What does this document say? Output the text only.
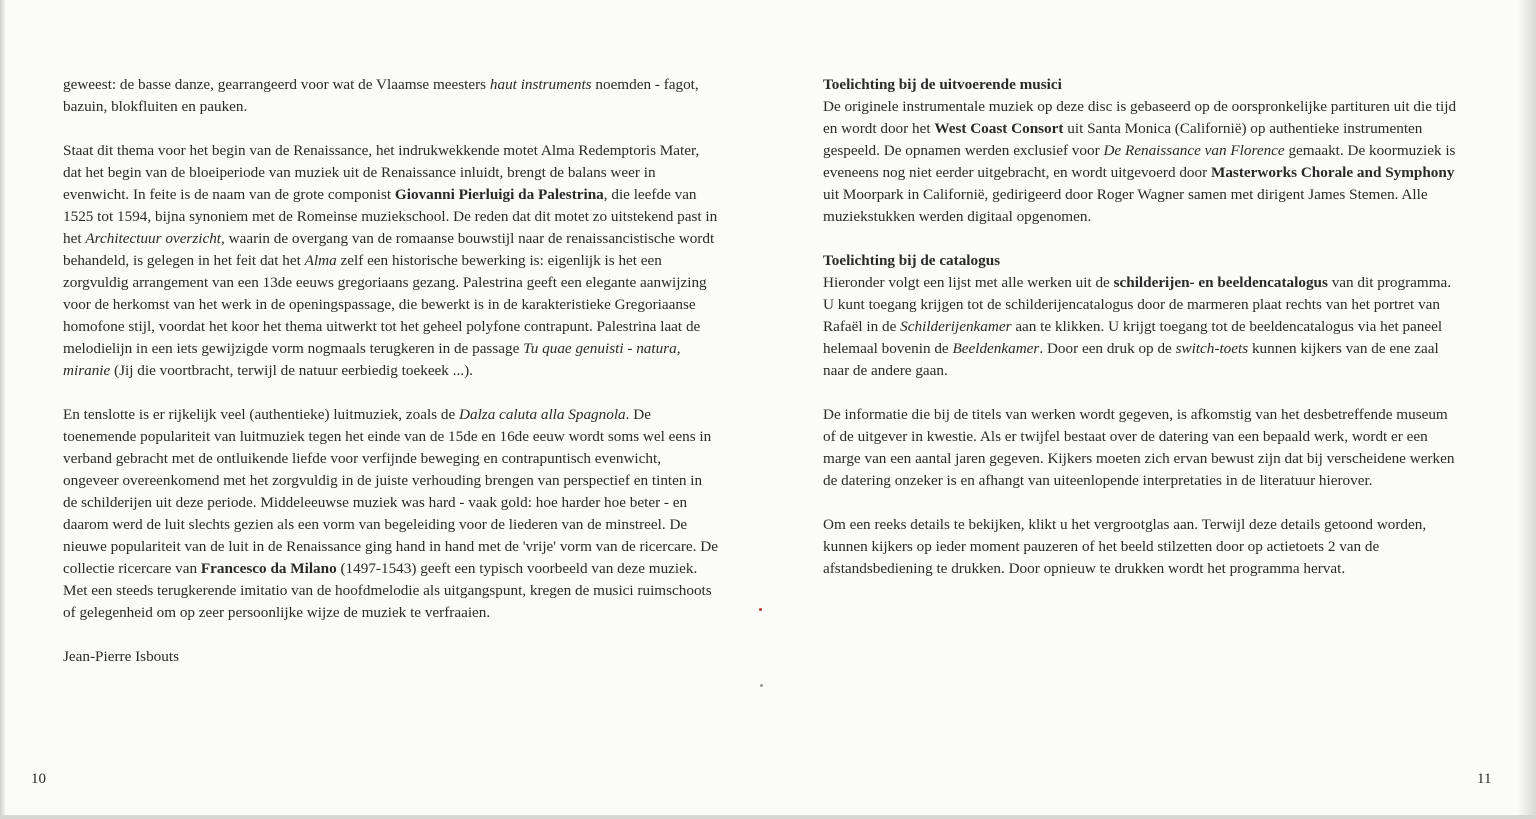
geweest: de basse danze, gearrangeerd voor wat de Vlaamse meesters haut instruments noemden - fagot, bazuin, blokfluiten en pauken.

Staat dit thema voor het begin van de Renaissance, het indrukwekkende motet Alma Redemptoris Mater, dat het begin van de bloeiperiode van muziek uit de Renaissance inluidt, brengt de balans weer in evenwicht. In feite is de naam van de grote componist Giovanni Pierluigi da Palestrina, die leefde van 1525 tot 1594, bijna synoniem met de Romeinse muziekschool. De reden dat dit motet zo uitstekend past in het Architectuur overzicht, waarin de overgang van de romaanse bouwstijl naar de renaissancistische wordt behandeld, is gelegen in het feit dat het Alma zelf een historische bewerking is: eigenlijk is het een zorgvuldig arrangement van een 13de eeuws gregoriaans gezang. Palestrina geeft een elegante aanwijzing voor de herkomst van het werk in de openingspassage, die bewerkt is in de karakteristieke Gregoriaanse homofone stijl, voordat het koor het thema uitwerkt tot het geheel polyfone contrapunt. Palestrina laat de melodielijn in een iets gewijzigde vorm nogmaals terugkeren in de passage Tu quae genuisti - natura, miranie (Jij die voortbracht, terwijl de natuur eerbiedig toekeek ...).

En tenslotte is er rijkelijk veel (authentieke) luitmuziek, zoals de Dalza caluta alla Spagnola. De toenemende populariteit van luitmuziek tegen het einde van de 15de en 16de eeuw wordt soms wel eens in verband gebracht met de ontluikende liefde voor verfijnde beweging en contrapuntisch evenwicht, ongeveer overeenkomend met het zorgvuldig in de juiste verhouding brengen van perspectief en tinten in de schilderijen uit deze periode. Middeleeuwse muziek was hard - vaak gold: hoe harder hoe beter - en daarom werd de luit slechts gezien als een vorm van begeleiding voor de liederen van de minstreel. De nieuwe populariteit van de luit in de Renaissance ging hand in hand met de 'vrije' vorm van de ricercare. De collectie ricercare van Francesco da Milano (1497-1543) geeft een typisch voorbeeld van deze muziek. Met een steeds terugkerende imitatio van de hoofdmelodie als uitgangspunt, kregen de musici ruimschoots of gelegenheid om op zeer persoonlijke wijze de muziek te verfraaien.

Jean-Pierre Isbouts

10

Toelichting bij de uitvoerende musici
De originele instrumentale muziek op deze disc is gebaseerd op de oorspronkelijke partituren uit die tijd en wordt door het West Coast Consort uit Santa Monica (Californië) op authentieke instrumenten gespeeld. De opnamen werden exclusief voor De Renaissance van Florence gemaakt. De koormuziek is eveneens nog niet eerder uitgebracht, en wordt uitgevoerd door Masterworks Chorale and Symphony uit Moorpark in Californië, gedirigeerd door Roger Wagner samen met dirigent James Stemen. Alle muziekstukken werden digitaal opgenomen.

Toelichting bij de catalogus
Hieronder volgt een lijst met alle werken uit de schilderijen- en beeldencatalogus van dit programma. U kunt toegang krijgen tot de schilderijencatalogus door de marmeren plaat rechts van het portret van Rafaël in de Schilderijenkamer aan te klikken. U krijgt toegang tot de beeldencatalogus via het paneel helemaal bovenin de Beeldenkamer. Door een druk op de switch-toets kunnen kijkers van de ene zaal naar de andere gaan.

De informatie die bij de titels van werken wordt gegeven, is afkomstig van het desbetreffende museum of de uitgever in kwestie. Als er twijfel bestaat over de datering van een bepaald werk, wordt er een marge van een aantal jaren gegeven. Kijkers moeten zich ervan bewust zijn dat bij verscheidene werken de datering onzeker is en afhangt van uiteenlopende interpretaties in de literatuur hierover.

Om een reeks details te bekijken, klikt u het vergrootglas aan. Terwijl deze details getoond worden, kunnen kijkers op ieder moment pauzeren of het beeld stilzetten door op actietoets 2 van de afstandsbediening te drukken. Door opnieuw te drukken wordt het programma hervat.

11
